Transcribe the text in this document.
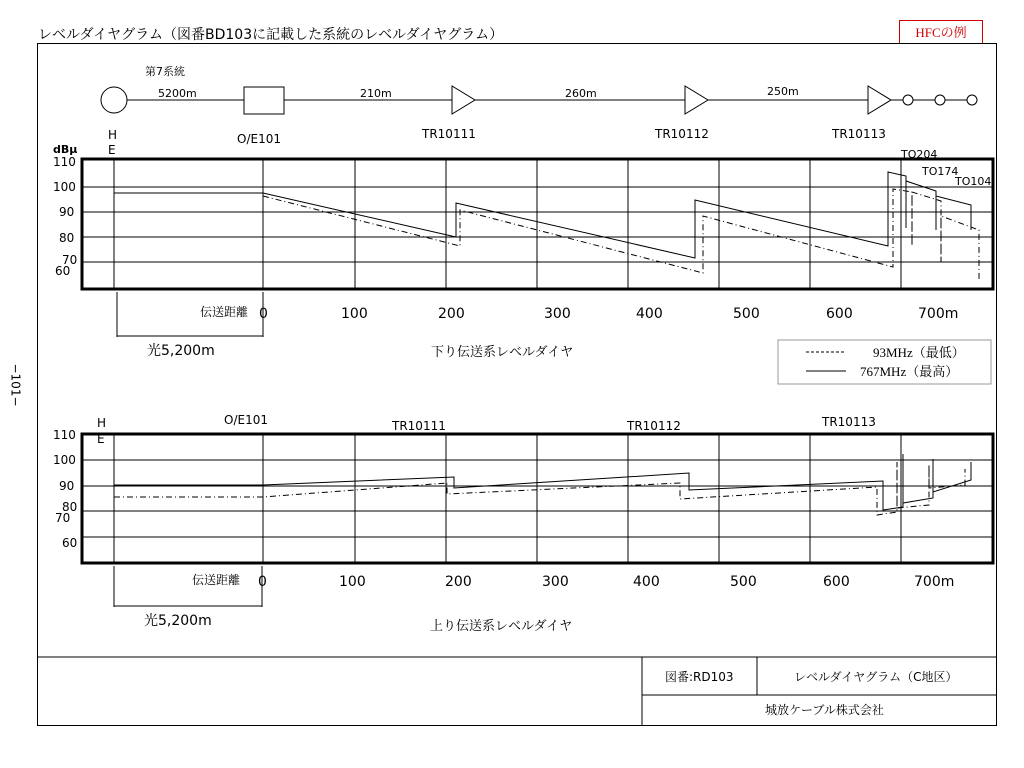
レベルダイヤグラム（図番BD103に記載した系統のレベルダイヤグラム）	HFCの例
−101−
第7系統
5200m	210m	260m	250m
H E
O/E101	TR10111	TR10112	TR10113
dBμ
110
100
90
80
70
60
0	100	200	300	400	500	600	700m
伝送距離
光5,200m	下り伝送系レベルダイヤ
TO204
TO174
TO104
93MHz（最低）
767MHz（最高）
H E
O/E101	TR10111	TR10112	TR10113
110
100
90
80
70
60
0	100	200	300	400	500	600	700m
伝送距離
光5,200m	上り伝送系レベルダイヤ
図番:RD103	レベルダイヤグラム（C地区）
城放ケーブル株式会社
